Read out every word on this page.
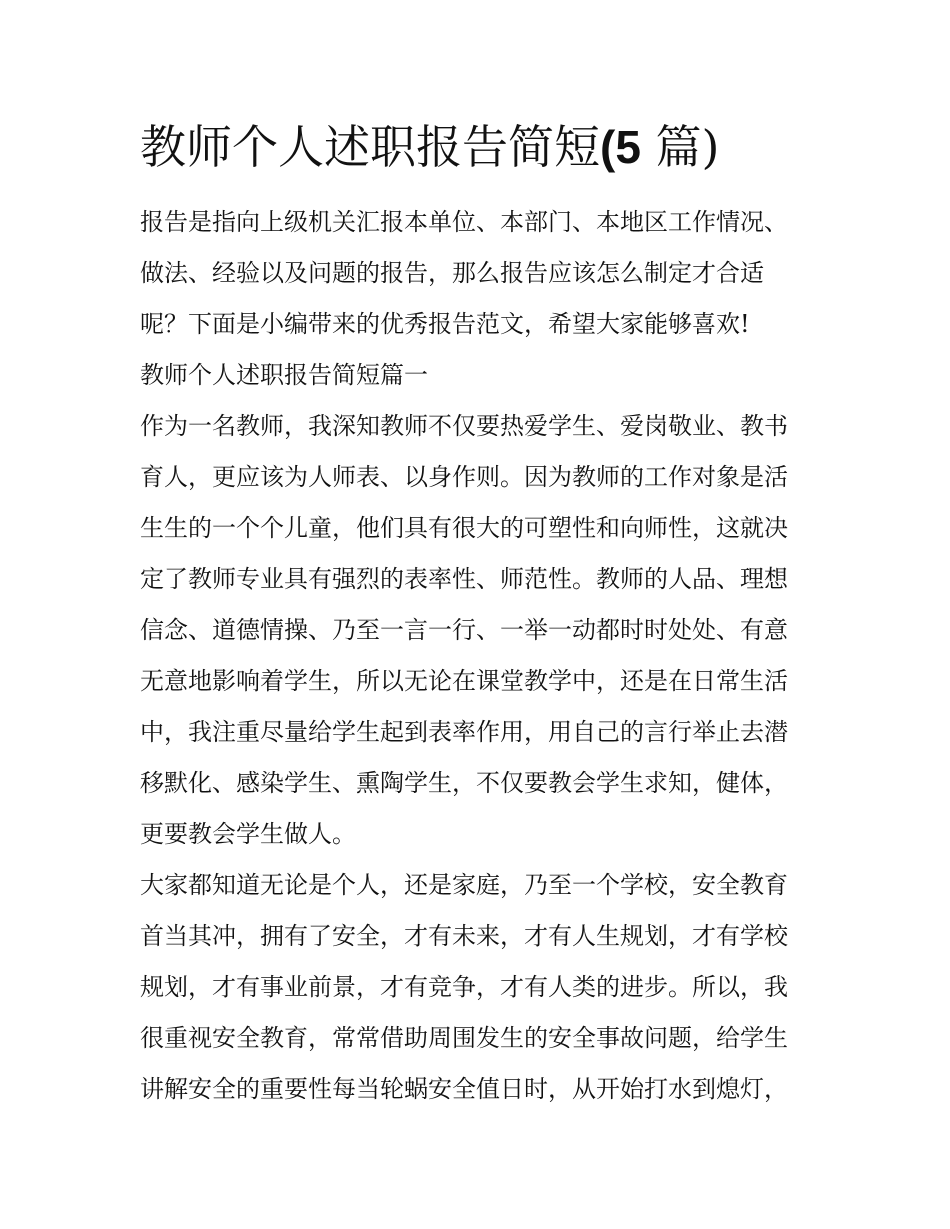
教师个人述职报告简短(5 篇)
报告是指向上级机关汇报本单位、本部门、本地区工作情况、
做法、经验以及问题的报告，那么报告应该怎么制定才合适
呢？下面是小编带来的优秀报告范文，希望大家能够喜欢!
教师个人述职报告简短篇一
作为一名教师，我深知教师不仅要热爱学生、爱岗敬业、教书
育人，更应该为人师表、以身作则。因为教师的工作对象是活
生生的一个个儿童，他们具有很大的可塑性和向师性，这就决
定了教师专业具有强烈的表率性、师范性。教师的人品、理想
信念、道德情操、乃至一言一行、一举一动都时时处处、有意
无意地影响着学生，所以无论在课堂教学中，还是在日常生活
中，我注重尽量给学生起到表率作用，用自己的言行举止去潜
移默化、感染学生、熏陶学生，不仅要教会学生求知，健体，
更要教会学生做人。
大家都知道无论是个人，还是家庭，乃至一个学校，安全教育
首当其冲，拥有了安全，才有未来，才有人生规划，才有学校
规划，才有事业前景，才有竞争，才有人类的进步。所以，我
很重视安全教育，常常借助周围发生的安全事故问题，给学生
讲解安全的重要性每当轮蜗安全值日时，从开始打水到熄灯，
